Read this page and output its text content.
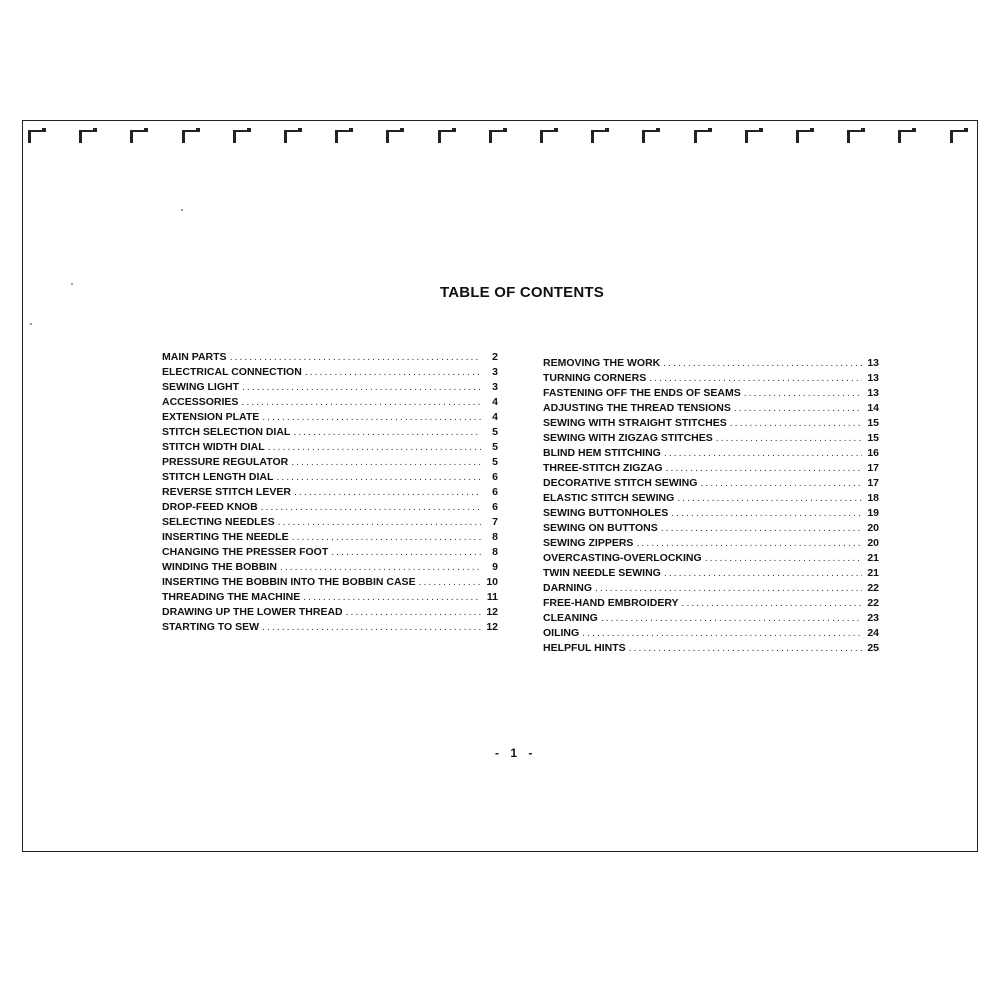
TABLE OF CONTENTS
MAIN PARTS .....	2
ELECTRICAL CONNECTION .....	3
SEWING LIGHT .....	3
ACCESSORIES .....	4
EXTENSION PLATE .....	4
STITCH SELECTION DIAL .....	5
STITCH WIDTH DIAL .....	5
PRESSURE REGULATOR .....	5
STITCH LENGTH DIAL .....	6
REVERSE STITCH LEVER .....	6
DROP-FEED KNOB .....	6
SELECTING NEEDLES .....	7
INSERTING THE NEEDLE .....	8
CHANGING THE PRESSER FOOT .....	8
WINDING THE BOBBIN .....	9
INSERTING THE BOBBIN INTO THE BOBBIN CASE .....	10
THREADING THE MACHINE .....	11
DRAWING UP THE LOWER THREAD .....	12
STARTING TO SEW .....	12
REMOVING THE WORK .....	13
TURNING CORNERS .....	13
FASTENING OFF THE ENDS OF SEAMS .....	13
ADJUSTING THE THREAD TENSIONS .....	14
SEWING WITH STRAIGHT STITCHES .....	15
SEWING WITH ZIGZAG STITCHES .....	15
BLIND HEM STITCHING .....	16
THREE-STITCH ZIGZAG .....	17
DECORATIVE STITCH SEWING .....	17
ELASTIC STITCH SEWING .....	18
SEWING BUTTONHOLES .....	19
SEWING ON BUTTONS .....	20
SEWING ZIPPERS .....	20
OVERCASTING-OVERLOCKING .....	21
TWIN NEEDLE SEWING .....	21
DARNING .....	22
FREE-HAND EMBROIDERY .....	22
CLEANING .....	23
OILING .....	24
HELPFUL HINTS .....	25
- 1 -
